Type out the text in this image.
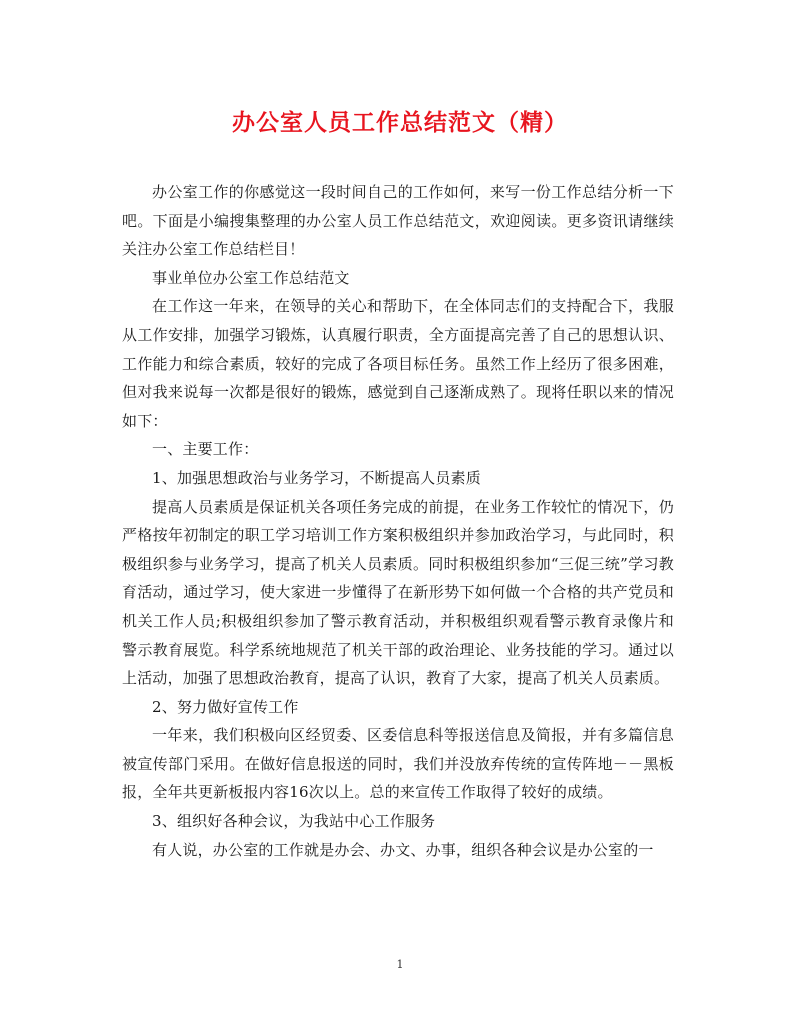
办公室人员工作总结范文（精）

办公室工作的你感觉这一段时间自己的工作如何，来写一份工作总结分析一下吧。下面是小编搜集整理的办公室人员工作总结范文，欢迎阅读。更多资讯请继续关注办公室工作总结栏目！

事业单位办公室工作总结范文

在工作这一年来，在领导的关心和帮助下，在全体同志们的支持配合下，我服从工作安排，加强学习锻炼，认真履行职责，全方面提高完善了自己的思想认识、工作能力和综合素质，较好的完成了各项目标任务。虽然工作上经历了很多困难，但对我来说每一次都是很好的锻炼，感觉到自己逐渐成熟了。现将任职以来的情况如下：

一、主要工作：

1、加强思想政治与业务学习，不断提高人员素质

提高人员素质是保证机关各项任务完成的前提，在业务工作较忙的情况下，仍严格按年初制定的职工学习培训工作方案积极组织并参加政治学习，与此同时，积极组织参与业务学习，提高了机关人员素质。同时积极组织参加“三促三统”学习教育活动，通过学习，使大家进一步懂得了在新形势下如何做一个合格的共产党员和机关工作人员;积极组织参加了警示教育活动，并积极组织观看警示教育录像片和警示教育展览。科学系统地规范了机关干部的政治理论、业务技能的学习。通过以上活动，加强了思想政治教育，提高了认识，教育了大家，提高了机关人员素质。

2、努力做好宣传工作

一年来，我们积极向区经贸委、区委信息科等报送信息及简报，并有多篇信息被宣传部门采用。在做好信息报送的同时，我们并没放弃传统的宣传阵地－－黑板报，全年共更新板报内容16次以上。总的来宣传工作取得了较好的成绩。

3、组织好各种会议，为我站中心工作服务

有人说，办公室的工作就是办会、办文、办事，组织各种会议是办公室的一

1
